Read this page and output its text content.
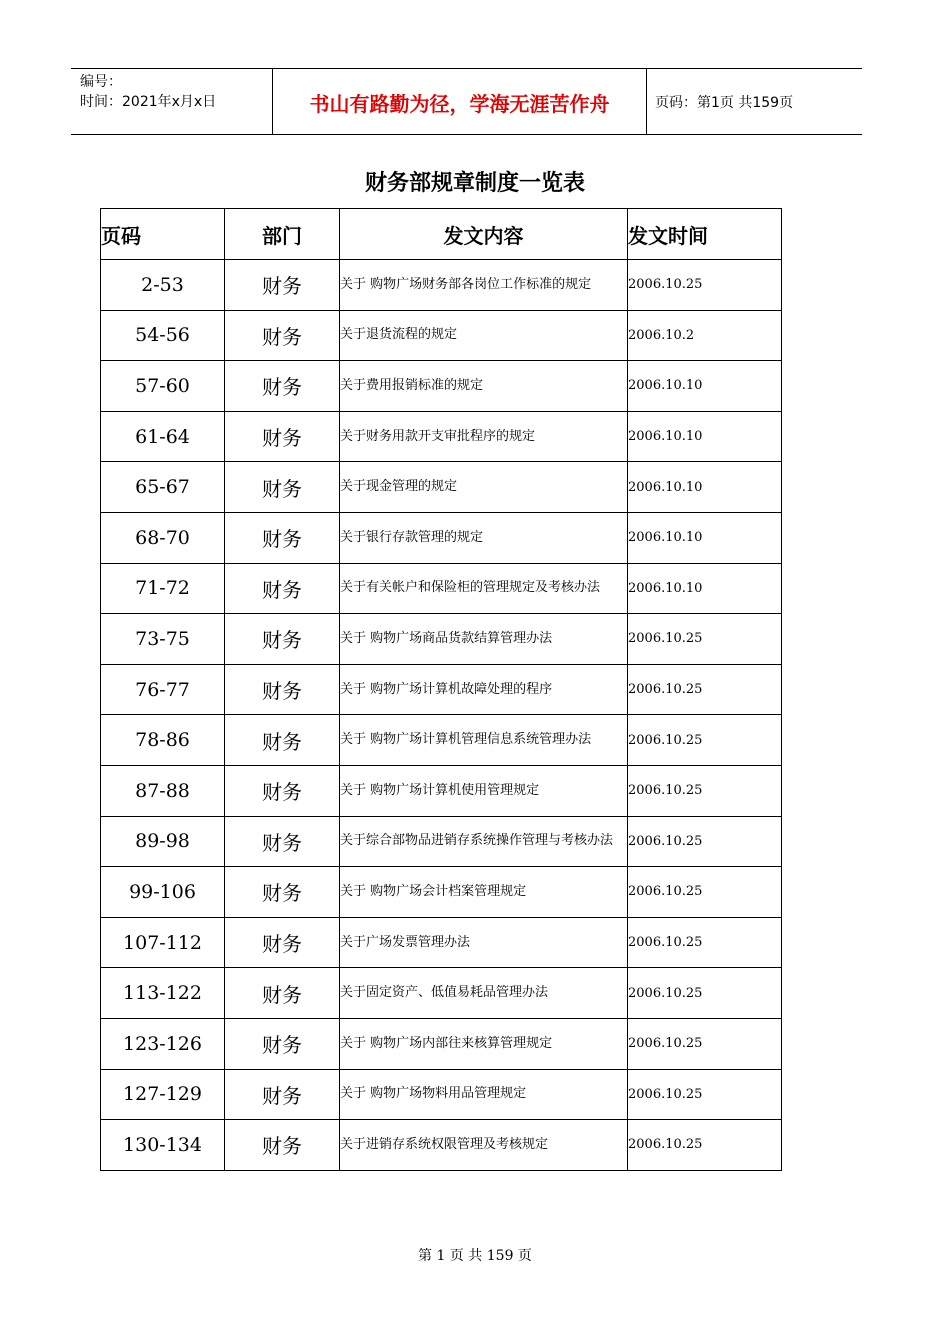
编号：
时间：2021年x月x日	书山有路勤为径，学海无涯苦作舟	页码：第1页 共159页
财务部规章制度一览表
页码	部门	发文内容	发文时间
2-53	财务	关于 购物广场财务部各岗位工作标准的规定	2006.10.25
54-56	财务	关于退货流程的规定	2006.10.2
57-60	财务	关于费用报销标准的规定	2006.10.10
61-64	财务	关于财务用款开支审批程序的规定	2006.10.10
65-67	财务	关于现金管理的规定	2006.10.10
68-70	财务	关于银行存款管理的规定	2006.10.10
71-72	财务	关于有关帐户和保险柜的管理规定及考核办法	2006.10.10
73-75	财务	关于 购物广场商品货款结算管理办法	2006.10.25
76-77	财务	关于 购物广场计算机故障处理的程序	2006.10.25
78-86	财务	关于 购物广场计算机管理信息系统管理办法	2006.10.25
87-88	财务	关于 购物广场计算机使用管理规定	2006.10.25
89-98	财务	关于综合部物品进销存系统操作管理与考核办法	2006.10.25
99-106	财务	关于 购物广场会计档案管理规定	2006.10.25
107-112	财务	关于广场发票管理办法	2006.10.25
113-122	财务	关于固定资产、低值易耗品管理办法	2006.10.25
123-126	财务	关于 购物广场内部往来核算管理规定	2006.10.25
127-129	财务	关于 购物广场物料用品管理规定	2006.10.25
130-134	财务	关于进销存系统权限管理及考核规定	2006.10.25
第 1 页 共 159 页
